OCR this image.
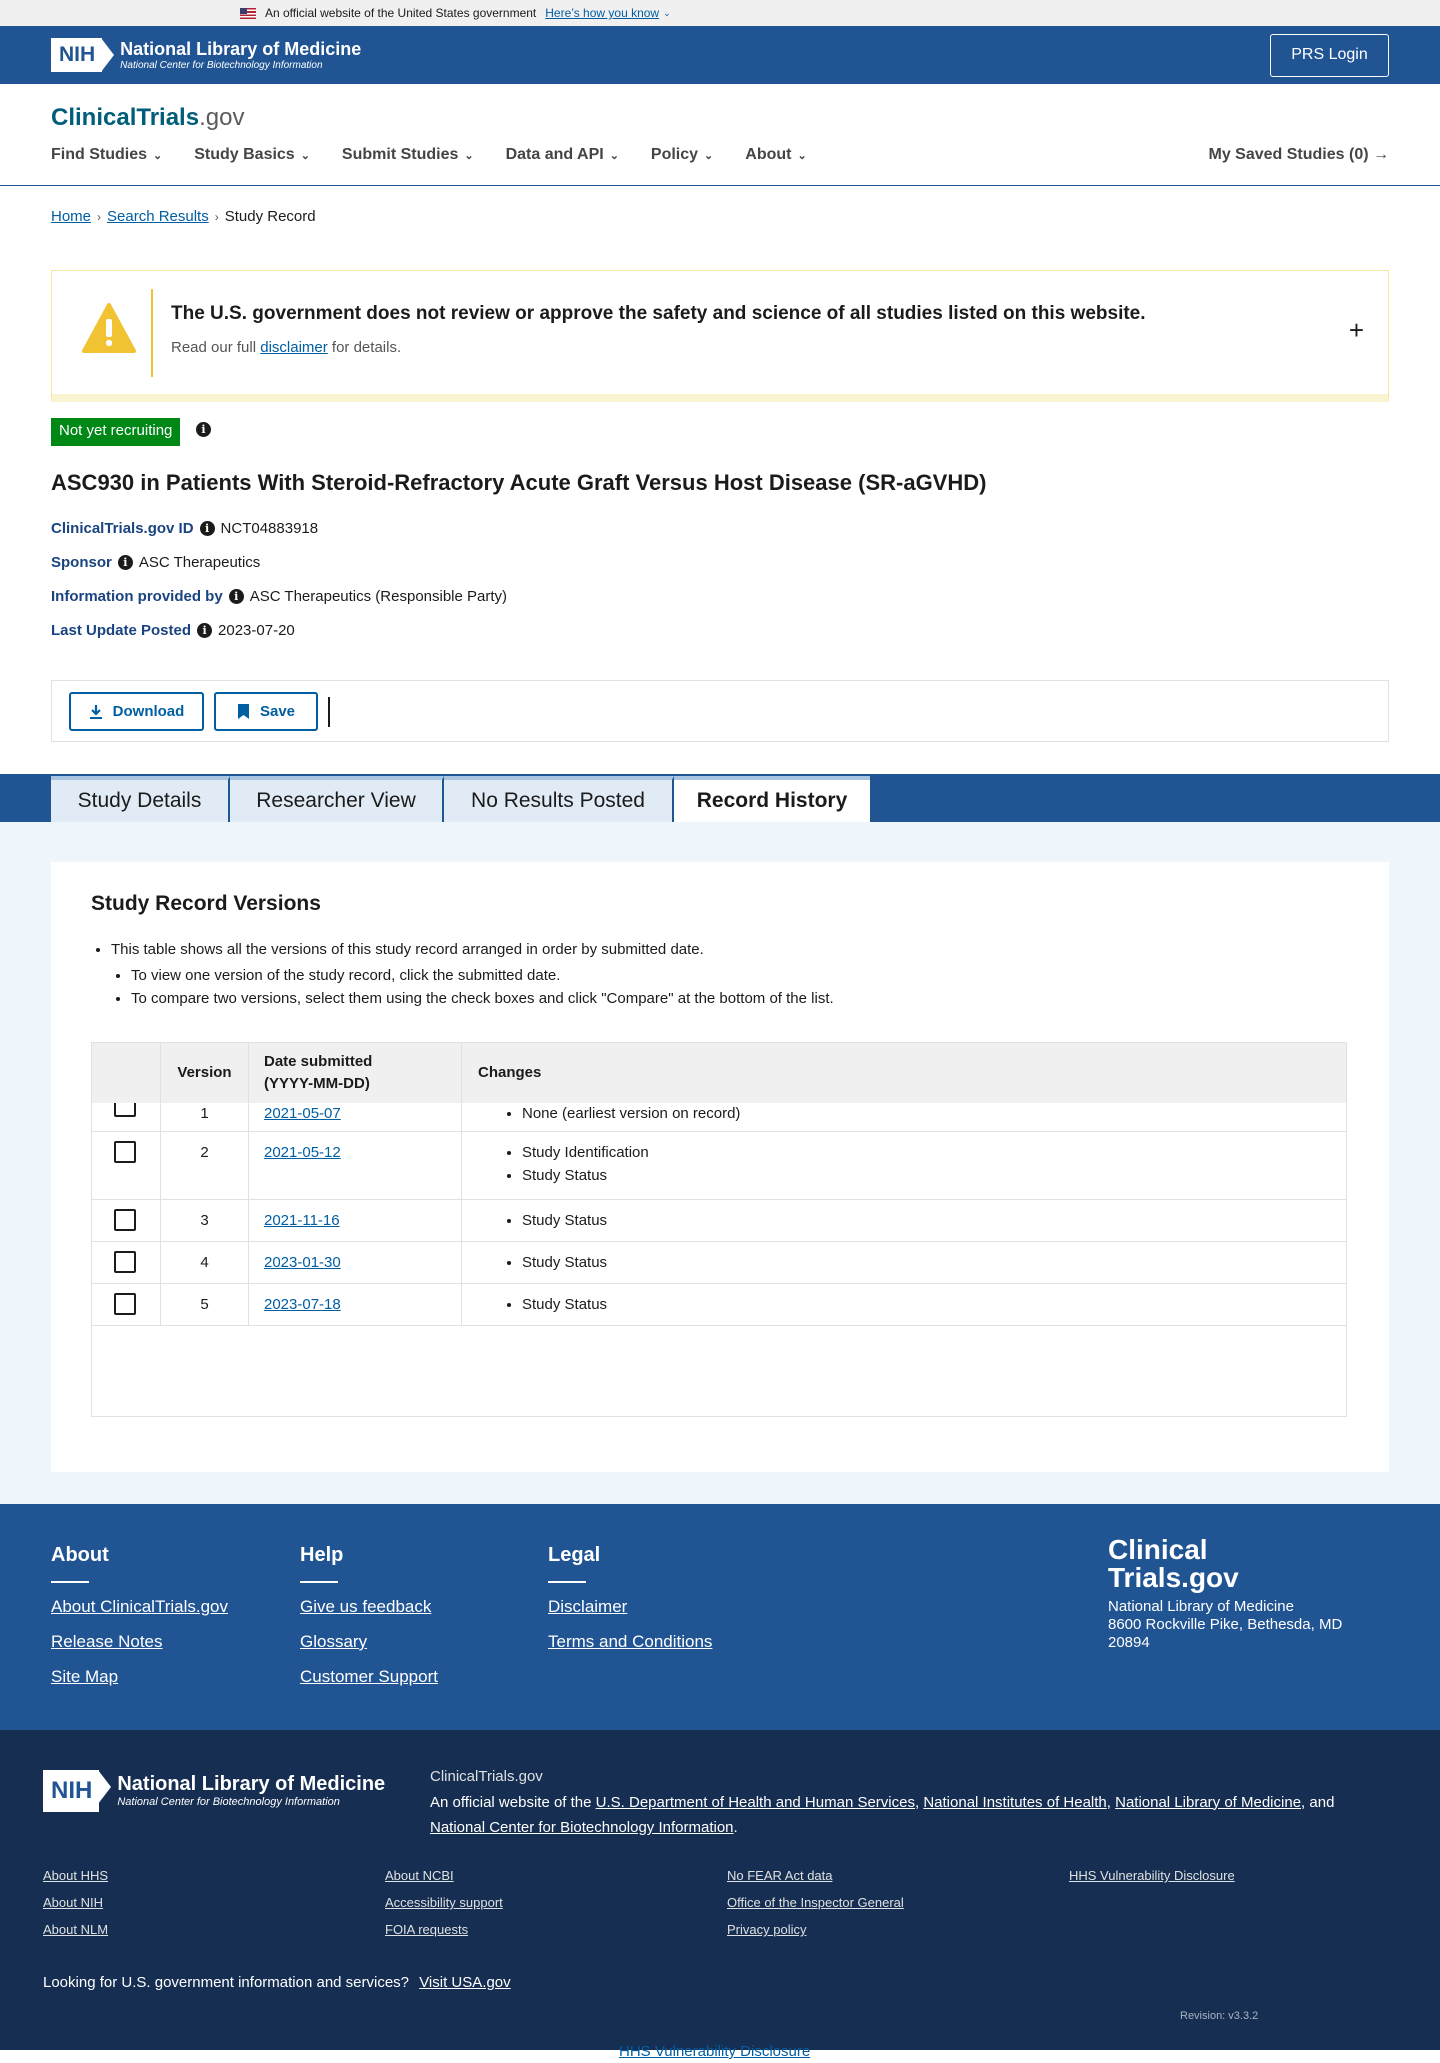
An official website of the United States government Here’s how you know ⌄
NIH	National Library of Medicine
National Center for Biotechnology Information
PRS Login
ClinicalTrials.gov
Find Studies ⌄ Study Basics ⌄ Submit Studies ⌄ Data and API ⌄ Policy ⌄ About ⌄	My Saved Studies (0) →
Home › Search Results › Study Record
The U.S. government does not review or approve the safety and science of all studies listed on this website.
Read our full disclaimer for details.
+
Not yet recruiting	i
ASC930 in Patients With Steroid-Refractory Acute Graft Versus Host Disease (SR-aGVHD)
ClinicalTrials.gov ID	i NCT04883918
Sponsor	i ASC Therapeutics
Information provided by	i ASC Therapeutics (Responsible Party)
Last Update Posted	i 2023-07-20
Download	Save
Study Details	Researcher View	No Results Posted	Record History
Study Record Versions
• This table shows all the versions of this study record arranged in order by submitted date.
• To view one version of the study record, click the submitted date.
• To compare two versions, select them using the check boxes and click "Compare" at the bottom of the list.
Version
Date submitted
(YYYY-MM-DD)
Changes
1	2021-05-07	• None (earliest version on record)
2	2021-05-12	• Study Identification
• Study Status
3	2021-11-16	• Study Status
4	2023-01-30	• Study Status
5	2023-07-18	• Study Status
About
About ClinicalTrials.gov
Release Notes
Site Map
Help
Give us feedback
Glossary
Customer Support
Legal
Disclaimer
Terms and Conditions
Clinical
Trials.gov
National Library of Medicine
8600 Rockville Pike, Bethesda, MD
20894
NIH	National Library of Medicine
National Center for Biotechnology Information
ClinicalTrials.gov
An official website of the U.S. Department of Health and Human Services, National Institutes of Health, National Library of Medicine, and National Center for Biotechnology Information.
About HHS
About NIH
About NLM
About NCBI
Accessibility support
FOIA requests
No FEAR Act data
Office of the Inspector General
Privacy policy
HHS Vulnerability Disclosure
Looking for U.S. government information and services? Visit USA.gov
Revision: v3.3.2
HHS Vulnerability Disclosure
